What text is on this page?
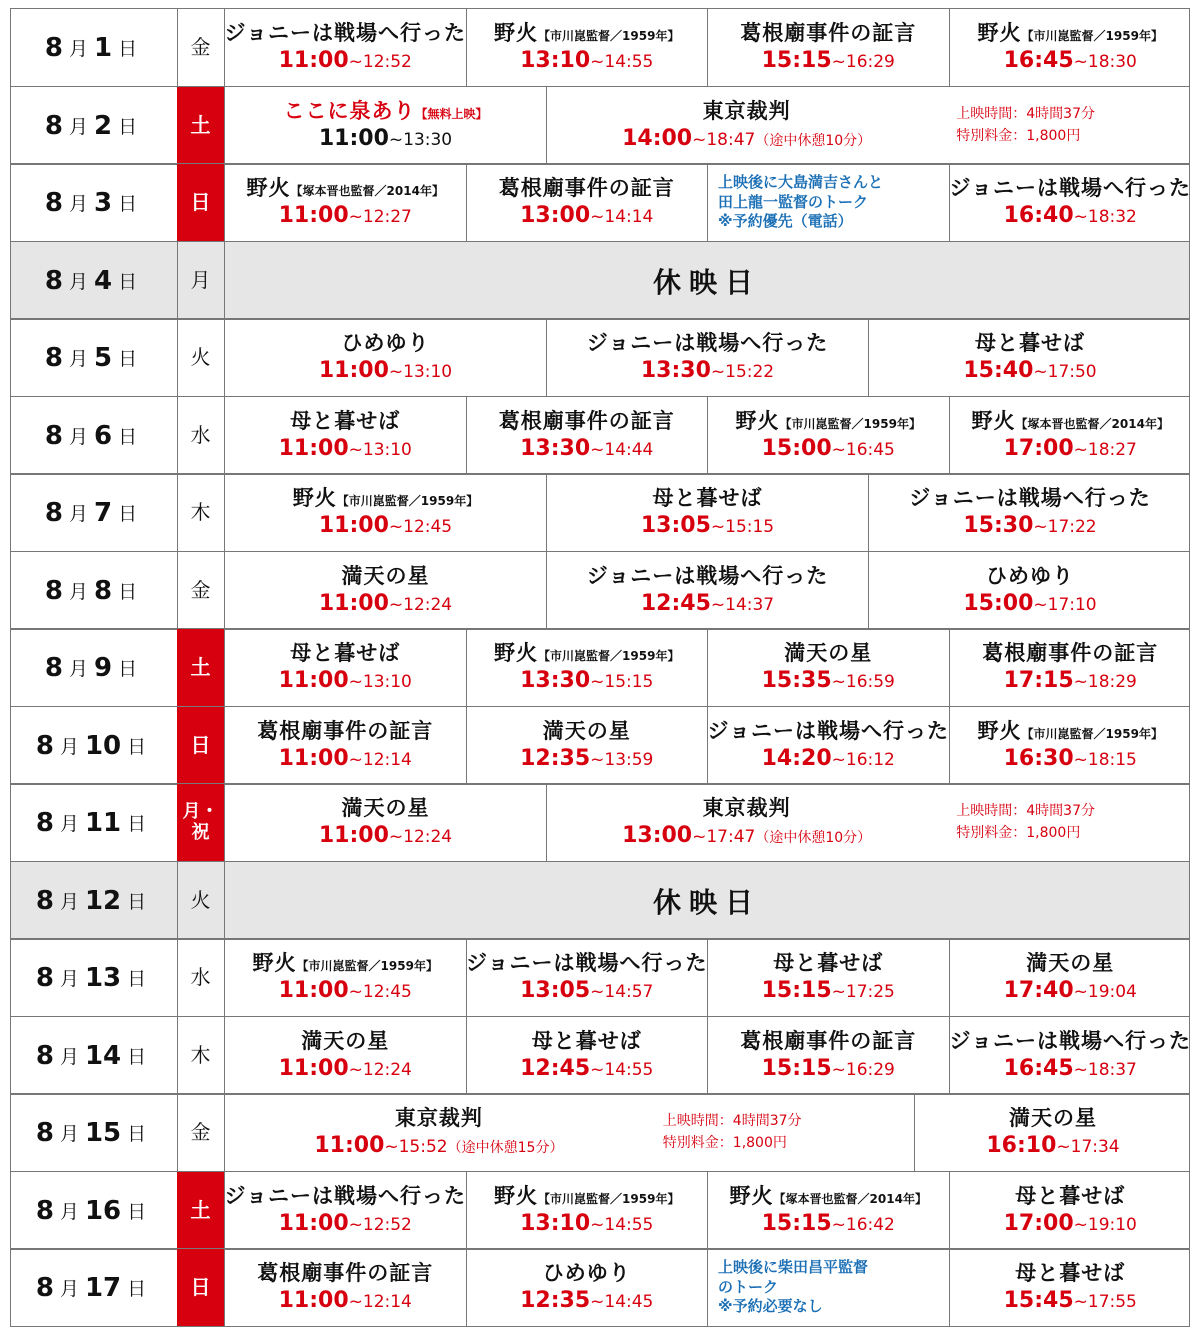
8 月 1 日	金
ジョニーは戦場へ行った
11:00~12:52
野火【市川崑監督／1959年】
13:10~14:55
葛根廟事件の証言
15:15~16:29
野火【市川崑監督／1959年】
16:45~18:30
8 月 2 日	土
ここに泉あり【無料上映】
11:00~13:30
東京裁判
14:00~18:47（途中休憩10分）
上映時間：4時間37分
特別料金：1,800円
8 月 3 日	日
野火【塚本晋也監督／2014年】
11:00~12:27
葛根廟事件の証言
13:00~14:14
上映後に大島満吉さんと
田上龍一監督のトーク
※予約優先（電話）
ジョニーは戦場へ行った
16:40~18:32
8 月 4 日	月	休映日
8 月 5 日	火
ひめゆり
11:00~13:10
ジョニーは戦場へ行った
13:30~15:22
母と暮せば
15:40~17:50
8 月 6 日	水
母と暮せば
11:00~13:10
葛根廟事件の証言
13:30~14:44
野火【市川崑監督／1959年】
15:00~16:45
野火【塚本晋也監督／2014年】
17:00~18:27
8 月 7 日	木
野火【市川崑監督／1959年】
11:00~12:45
母と暮せば
13:05~15:15
ジョニーは戦場へ行った
15:30~17:22
8 月 8 日	金
満天の星
11:00~12:24
ジョニーは戦場へ行った
12:45~14:37
ひめゆり
15:00~17:10
8 月 9 日	土
母と暮せば
11:00~13:10
野火【市川崑監督／1959年】
13:30~15:15
満天の星
15:35~16:59
葛根廟事件の証言
17:15~18:29
8 月 10 日 日
葛根廟事件の証言
11:00~12:14
満天の星
12:35~13:59
ジョニーは戦場へ行った
14:20~16:12
野火【市川崑監督／1959年】
16:30~18:15
8 月 11 日
月・
祝
満天の星
11:00~12:24
東京裁判
13:00~17:47（途中休憩10分）
上映時間：4時間37分
特別料金：1,800円
8 月 12 日 火	休映日
8 月 13 日 水
野火【市川崑監督／1959年】
11:00~12:45
ジョニーは戦場へ行った
13:05~14:57
母と暮せば
15:15~17:25
満天の星
17:40~19:04
8 月 14 日 木
満天の星
11:00~12:24
母と暮せば
12:45~14:55
葛根廟事件の証言
15:15~16:29
ジョニーは戦場へ行った
16:45~18:37
8 月 15 日 金
東京裁判
11:00~15:52（途中休憩15分）
上映時間：4時間37分
特別料金：1,800円
満天の星
16:10~17:34
8 月 16 日 土
ジョニーは戦場へ行った
11:00~12:52
野火【市川崑監督／1959年】
13:10~14:55
野火【塚本晋也監督／2014年】
15:15~16:42
母と暮せば
17:00~19:10
8 月 17 日 日
葛根廟事件の証言
11:00~12:14
ひめゆり
12:35~14:45
上映後に柴田昌平監督
のトーク
※予約必要なし
母と暮せば
15:45~17:55
